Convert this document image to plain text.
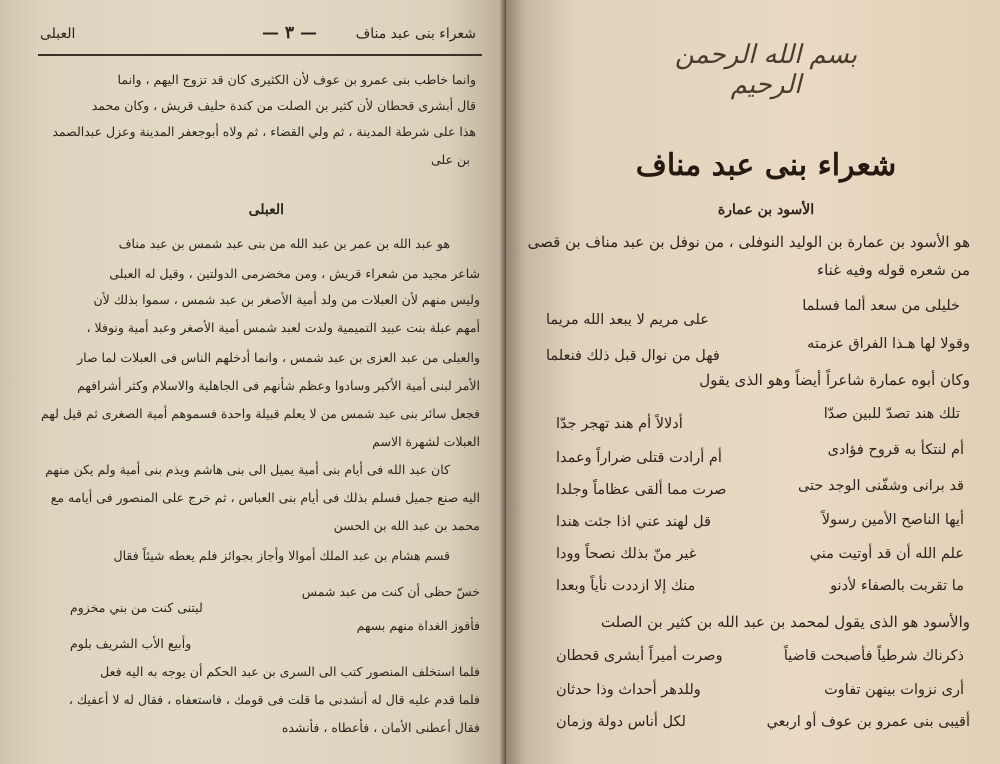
شعراء بنى عبد مناف
— ٣ —
العبلى
وانما خاطب بنى عمرو بن عوف لأن الكثيرى كان قد تزوج اليهم ، وانما
قال أبشرى قحطان لأن كثير بن الصلت من كندة حليف قريش ، وكان محمد
هذا على شرطة المدينة ، ثم ولي القضاء ، ثم ولاه أبوجعفر المدينة وعزل عبدالصمد
بن على
العبلى
هو عبد الله بن عمر بن عبد الله من بنى عبد شمس بن عبد مناف
شاعر مجيد من شعراء قريش ، ومن مخضرمى الدولتين ، وقيل له العبلى
وليس منهم لأن العبلات من ولد أمية الأصغر بن عبد شمس ، سموا بذلك لأن
أمهم عبلة بنت عبيد التميمية ولدت لعبد شمس أمية الأصغر وعبد أمية ونوفلا ،
والعبلى من عبد العزى بن عبد شمس ، وانما أدخلهم الناس فى العبلات لما صار
الأمر لبنى أمية الأكبر وسادوا وعظم شأنهم فى الجاهلية والاسلام وكثر أشرافهم
فجعل سائر بنى عبد شمس من لا يعلم قبيلة واحدة فسموهم أمية الصغرى ثم قيل لهم
العبلات لشهرة الاسم
كان عبد الله فى أيام بنى أمية يميل الى بنى هاشم ويذم بنى أمية ولم يكن منهم
اليه صنع جميل فسلم بذلك فى أيام بنى العباس ، ثم خرج على المنصور فى أيامه مع
محمد بن عبد الله بن الحسن
قسم هشام بن عبد الملك أموالا وأجاز بجوائز فلم يعطه شيئاً فقال
خسّ حظى أن كنت من عبد شمس
ليتنى كنت من بني مخزوم
فأفوز الغداة منهم بسهم
وأبيع الأب الشريف بلوم
فلما استخلف المنصور كتب الى السرى بن عبد الحكم أن يوجه به اليه فعل
فلما قدم عليه قال له أنشدنى ما قلت فى قومك ، فاستعفاه ، فقال له لا أعفيك ،
فقال أعطنى الأمان ، فأعطاه ، فأنشده
بسم الله الرحمن الرحيم
شعراء بنى عبد مناف
الأسود بن عمارة
هو الأسود بن عمارة بن الوليد النوفلى ، من نوفل بن عبد مناف بن قصى
من شعره قوله وفيه غناء
خليلى من سعد ألما فسلما
على مريم لا يبعد الله مريما
وقولا لها هـذا الفراق عزمته
فهل من نوال قبل ذلك فنعلما
وكان أبوه عمارة شاعراً أيضاً وهو الذى يقول
تلك هند تصدّ للبين صدّا
أدلالاً أم هند تهجر جدّا
أم لنتكأ به قروح فؤادى
أم أرادت قتلى ضراراً وعمدا
قد برانى وشفّنى الوجد حتى
صرت مما ألقى عظاماً وجلدا
أيها الناصح الأمين رسولاً
قل لهند عني اذا جئت هندا
علم الله أن قد أوتيت مني
غير منّ بذلك نصحاً وودا
ما تقربت بالصفاء لأدنو
منك إلا ازددت نأياً وبعدا
والأسود هو الذى يقول لمحمد بن عبد الله بن كثير بن الصلت
ذكرناك شرطياً فأصبحت قاضياً
وصرت أميراً أبشرى قحطان
أرى نزوات بينهن تفاوت
وللدهر أحداث وذا حدثان
أقيبى بنى عمرو بن عوف أو اربعي
لكل أناس دولة وزمان
